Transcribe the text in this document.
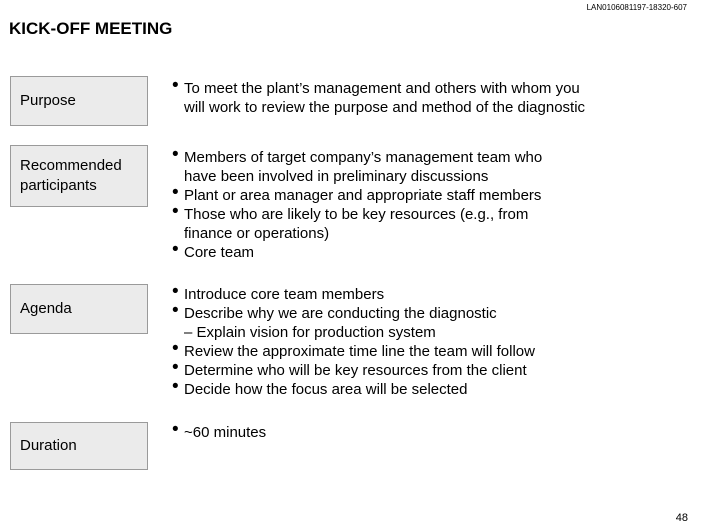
LAN0106081197-18320-607
KICK-OFF MEETING
Purpose
• To meet the plant’s management and others with whom you
will work to review the purpose and method of the diagnostic
Recommended
participants
• Members of target company’s management team who
have been involved in preliminary discussions
• Plant or area manager and appropriate staff members
• Those who are likely to be key resources (e.g., from
finance or operations)
• Core team
Agenda
• Introduce core team members
• Describe why we are conducting the diagnostic
– Explain vision for production system
• Review the approximate time line the team will follow
• Determine who will be key resources from the client
• Decide how the focus area will be selected
Duration
• ~60 minutes
48
